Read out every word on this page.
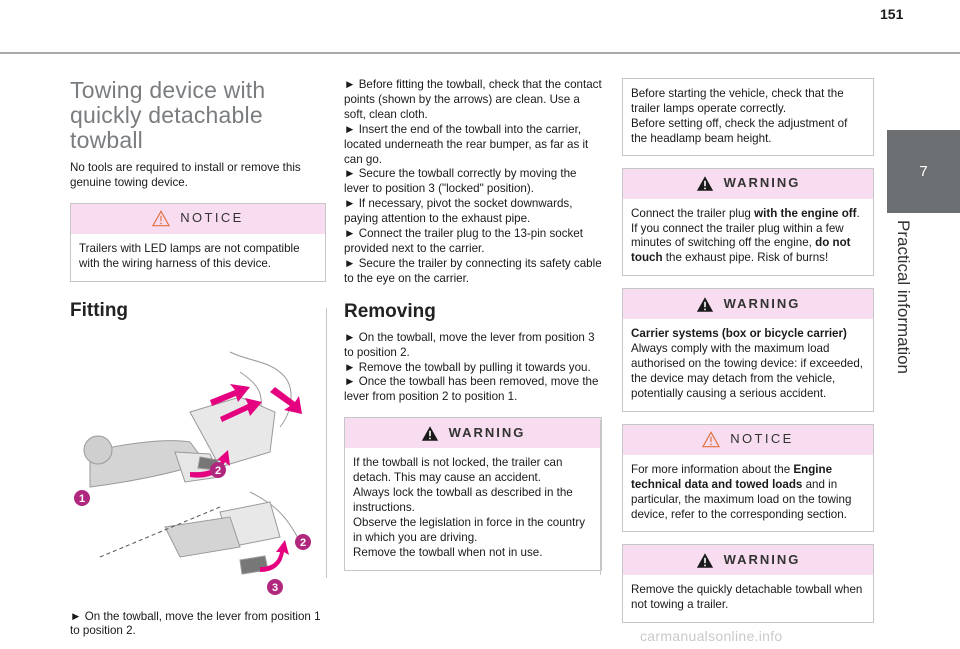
151
7
Practical information
Towing device with quickly detachable towball

No tools are required to install or remove this genuine towing device.

NOTICE
Trailers with LED lamps are not compatible with the wiring harness of this device.
Fitting
1
2
2
3

► On the towball, move the lever from position 1 to position 2.

► Before fitting the towball, check that the contact points (shown by the arrows) are clean. Use a soft, clean cloth.
► Insert the end of the towball into the carrier, located underneath the rear bumper, as far as it can go.
► Secure the towball correctly by moving the lever to position 3 ("locked" position).
► If necessary, pivot the socket downwards, paying attention to the exhaust pipe.
► Connect the trailer plug to the 13-pin socket provided next to the carrier.
► Secure the trailer by connecting its safety cable to the eye on the carrier.

Removing

► On the towball, move the lever from position 3 to position 2.
► Remove the towball by pulling it towards you.
► Once the towball has been removed, move the lever from position 2 to position 1.

WARNING
If the towball is not locked, the trailer can detach. This may cause an accident.
Always lock the towball as described in the instructions.
Observe the legislation in force in the country in which you are driving.
Remove the towball when not in use.
Before starting the vehicle, check that the trailer lamps operate correctly.
Before setting off, check the adjustment of the headlamp beam height.
WARNING
Connect the trailer plug with the engine off. If you connect the trailer plug within a few minutes of switching off the engine, do not touch the exhaust pipe. Risk of burns!
WARNING
Carrier systems (box or bicycle carrier)
Always comply with the maximum load authorised on the towing device: if exceeded, the device may detach from the vehicle, potentially causing a serious accident.
NOTICE
For more information about the Engine technical data and towed loads and in particular, the maximum load on the towing device, refer to the corresponding section.
WARNING
Remove the quickly detachable towball when not towing a trailer.
carmanualsonline.info
